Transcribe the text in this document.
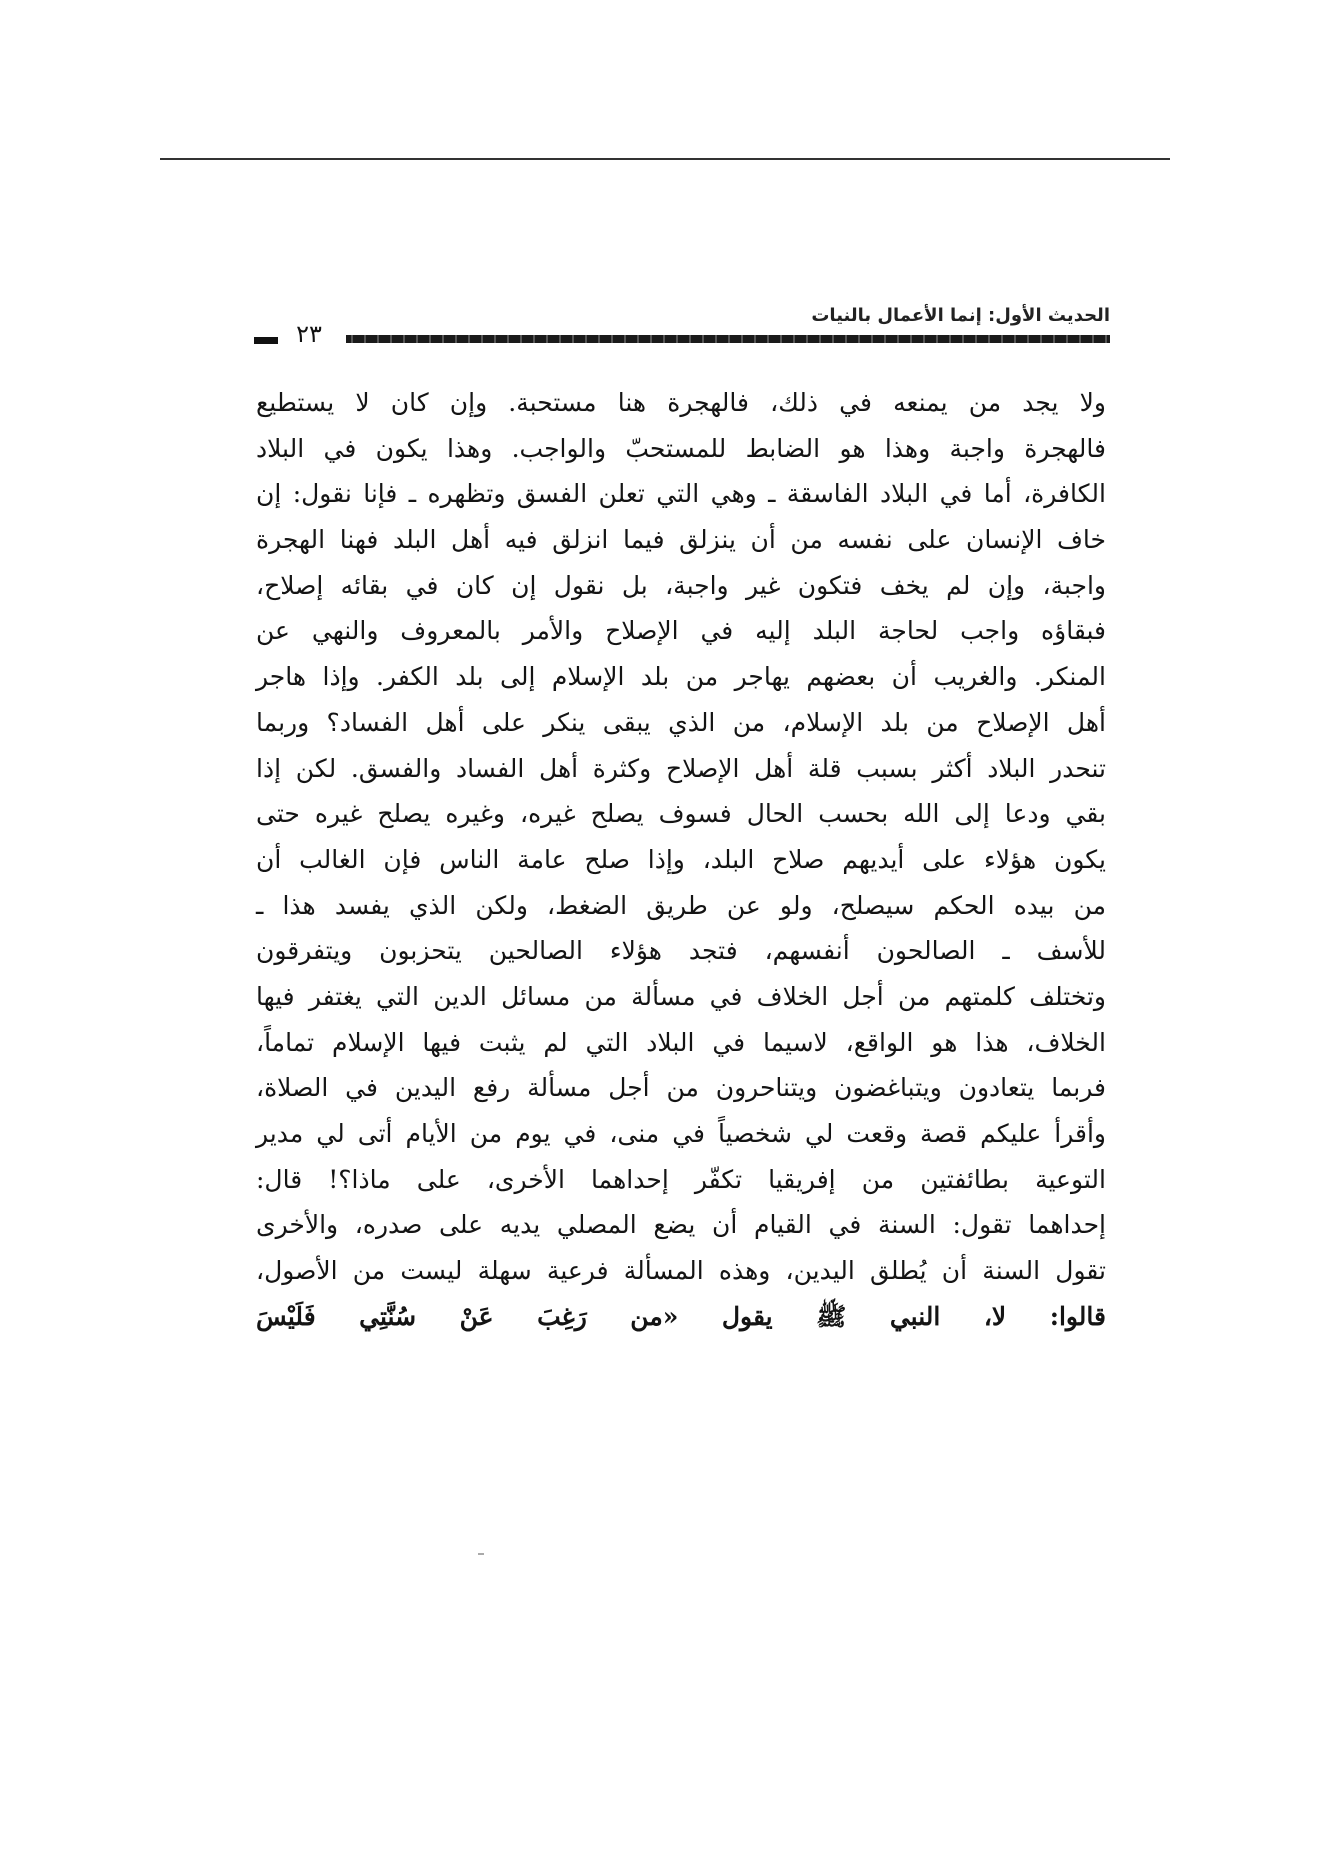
الحديث الأول: إنما الأعمال بالنيات
٢٣
ولا يجد من يمنعه في ذلك، فالهجرة هنا مستحبة. وإن كان لا يستطيع
فالهجرة واجبة وهذا هو الضابط للمستحبّ والواجب. وهذا يكون في البلاد
الكافرة، أما في البلاد الفاسقة ـ وهي التي تعلن الفسق وتظهره ـ فإنا نقول: إن
خاف الإنسان على نفسه من أن ينزلق فيما انزلق فيه أهل البلد فهنا الهجرة
واجبة، وإن لم يخف فتكون غير واجبة، بل نقول إن كان في بقائه إصلاح،
فبقاؤه واجب لحاجة البلد إليه في الإصلاح والأمر بالمعروف والنهي عن
المنكر. والغريب أن بعضهم يهاجر من بلد الإسلام إلى بلد الكفر. وإذا هاجر
أهل الإصلاح من بلد الإسلام، من الذي يبقى ينكر على أهل الفساد؟ وربما
تنحدر البلاد أكثر بسبب قلة أهل الإصلاح وكثرة أهل الفساد والفسق. لكن إذا
بقي ودعا إلى الله بحسب الحال فسوف يصلح غيره، وغيره يصلح غيره حتى
يكون هؤلاء على أيديهم صلاح البلد، وإذا صلح عامة الناس فإن الغالب أن
من بيده الحكم سيصلح، ولو عن طريق الضغط، ولكن الذي يفسد هذا ـ
للأسف ـ الصالحون أنفسهم، فتجد هؤلاء الصالحين يتحزبون ويتفرقون
وتختلف كلمتهم من أجل الخلاف في مسألة من مسائل الدين التي يغتفر فيها
الخلاف، هذا هو الواقع، لاسيما في البلاد التي لم يثبت فيها الإسلام تماماً،
فربما يتعادون ويتباغضون ويتناحرون من أجل مسألة رفع اليدين في الصلاة،
وأقرأ عليكم قصة وقعت لي شخصياً في منى، في يوم من الأيام أتى لي مدير
التوعية بطائفتين من إفريقيا تكفّر إحداهما الأخرى، على ماذا؟! قال:
إحداهما تقول: السنة في القيام أن يضع المصلي يديه على صدره، والأخرى
تقول السنة أن يُطلق اليدين، وهذه المسألة فرعية سهلة ليست من الأصول،
قالوا: لا، النبي ﷺ يقول «من رَغِبَ عَنْ سُنَّتِي فَلَيْسَ
